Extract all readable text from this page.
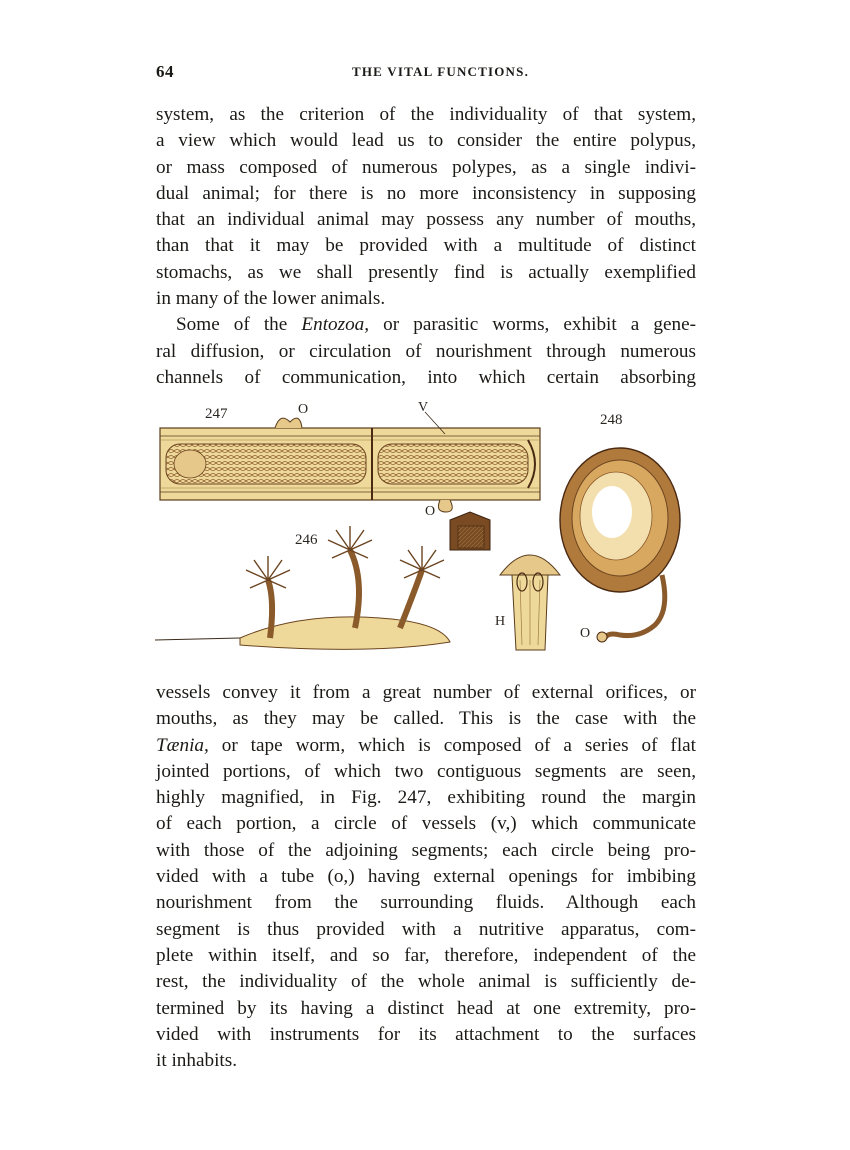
64	THE VITAL FUNCTIONS.

system, as the criterion of the individuality of that system,
a view which would lead us to consider the entire polypus,
or mass composed of numerous polypes, as a single indivi-
dual animal; for there is no more inconsistency in supposing
that an individual animal may possess any number of mouths,
than that it may be provided with a multitude of distinct
stomachs, as we shall presently find is actually exemplified
in many of the lower animals.

Some of the Entozoa, or parasitic worms, exhibit a gene-
ral diffusion, or circulation of nourishment through numerous
channels of communication, into which certain absorbing

247	O	V
248
O
246
H
O

vessels convey it from a great number of external orifices, or
mouths, as they may be called. This is the case with the
Tænia, or tape worm, which is composed of a series of flat
jointed portions, of which two contiguous segments are seen,
highly magnified, in Fig. 247, exhibiting round the margin
of each portion, a circle of vessels (v,) which communicate
with those of the adjoining segments; each circle being pro-
vided with a tube (o,) having external openings for imbibing
nourishment from the surrounding fluids. Although each
segment is thus provided with a nutritive apparatus, com-
plete within itself, and so far, therefore, independent of the
rest, the individuality of the whole animal is sufficiently de-
termined by its having a distinct head at one extremity, pro-
vided with instruments for its attachment to the surfaces
it inhabits.
